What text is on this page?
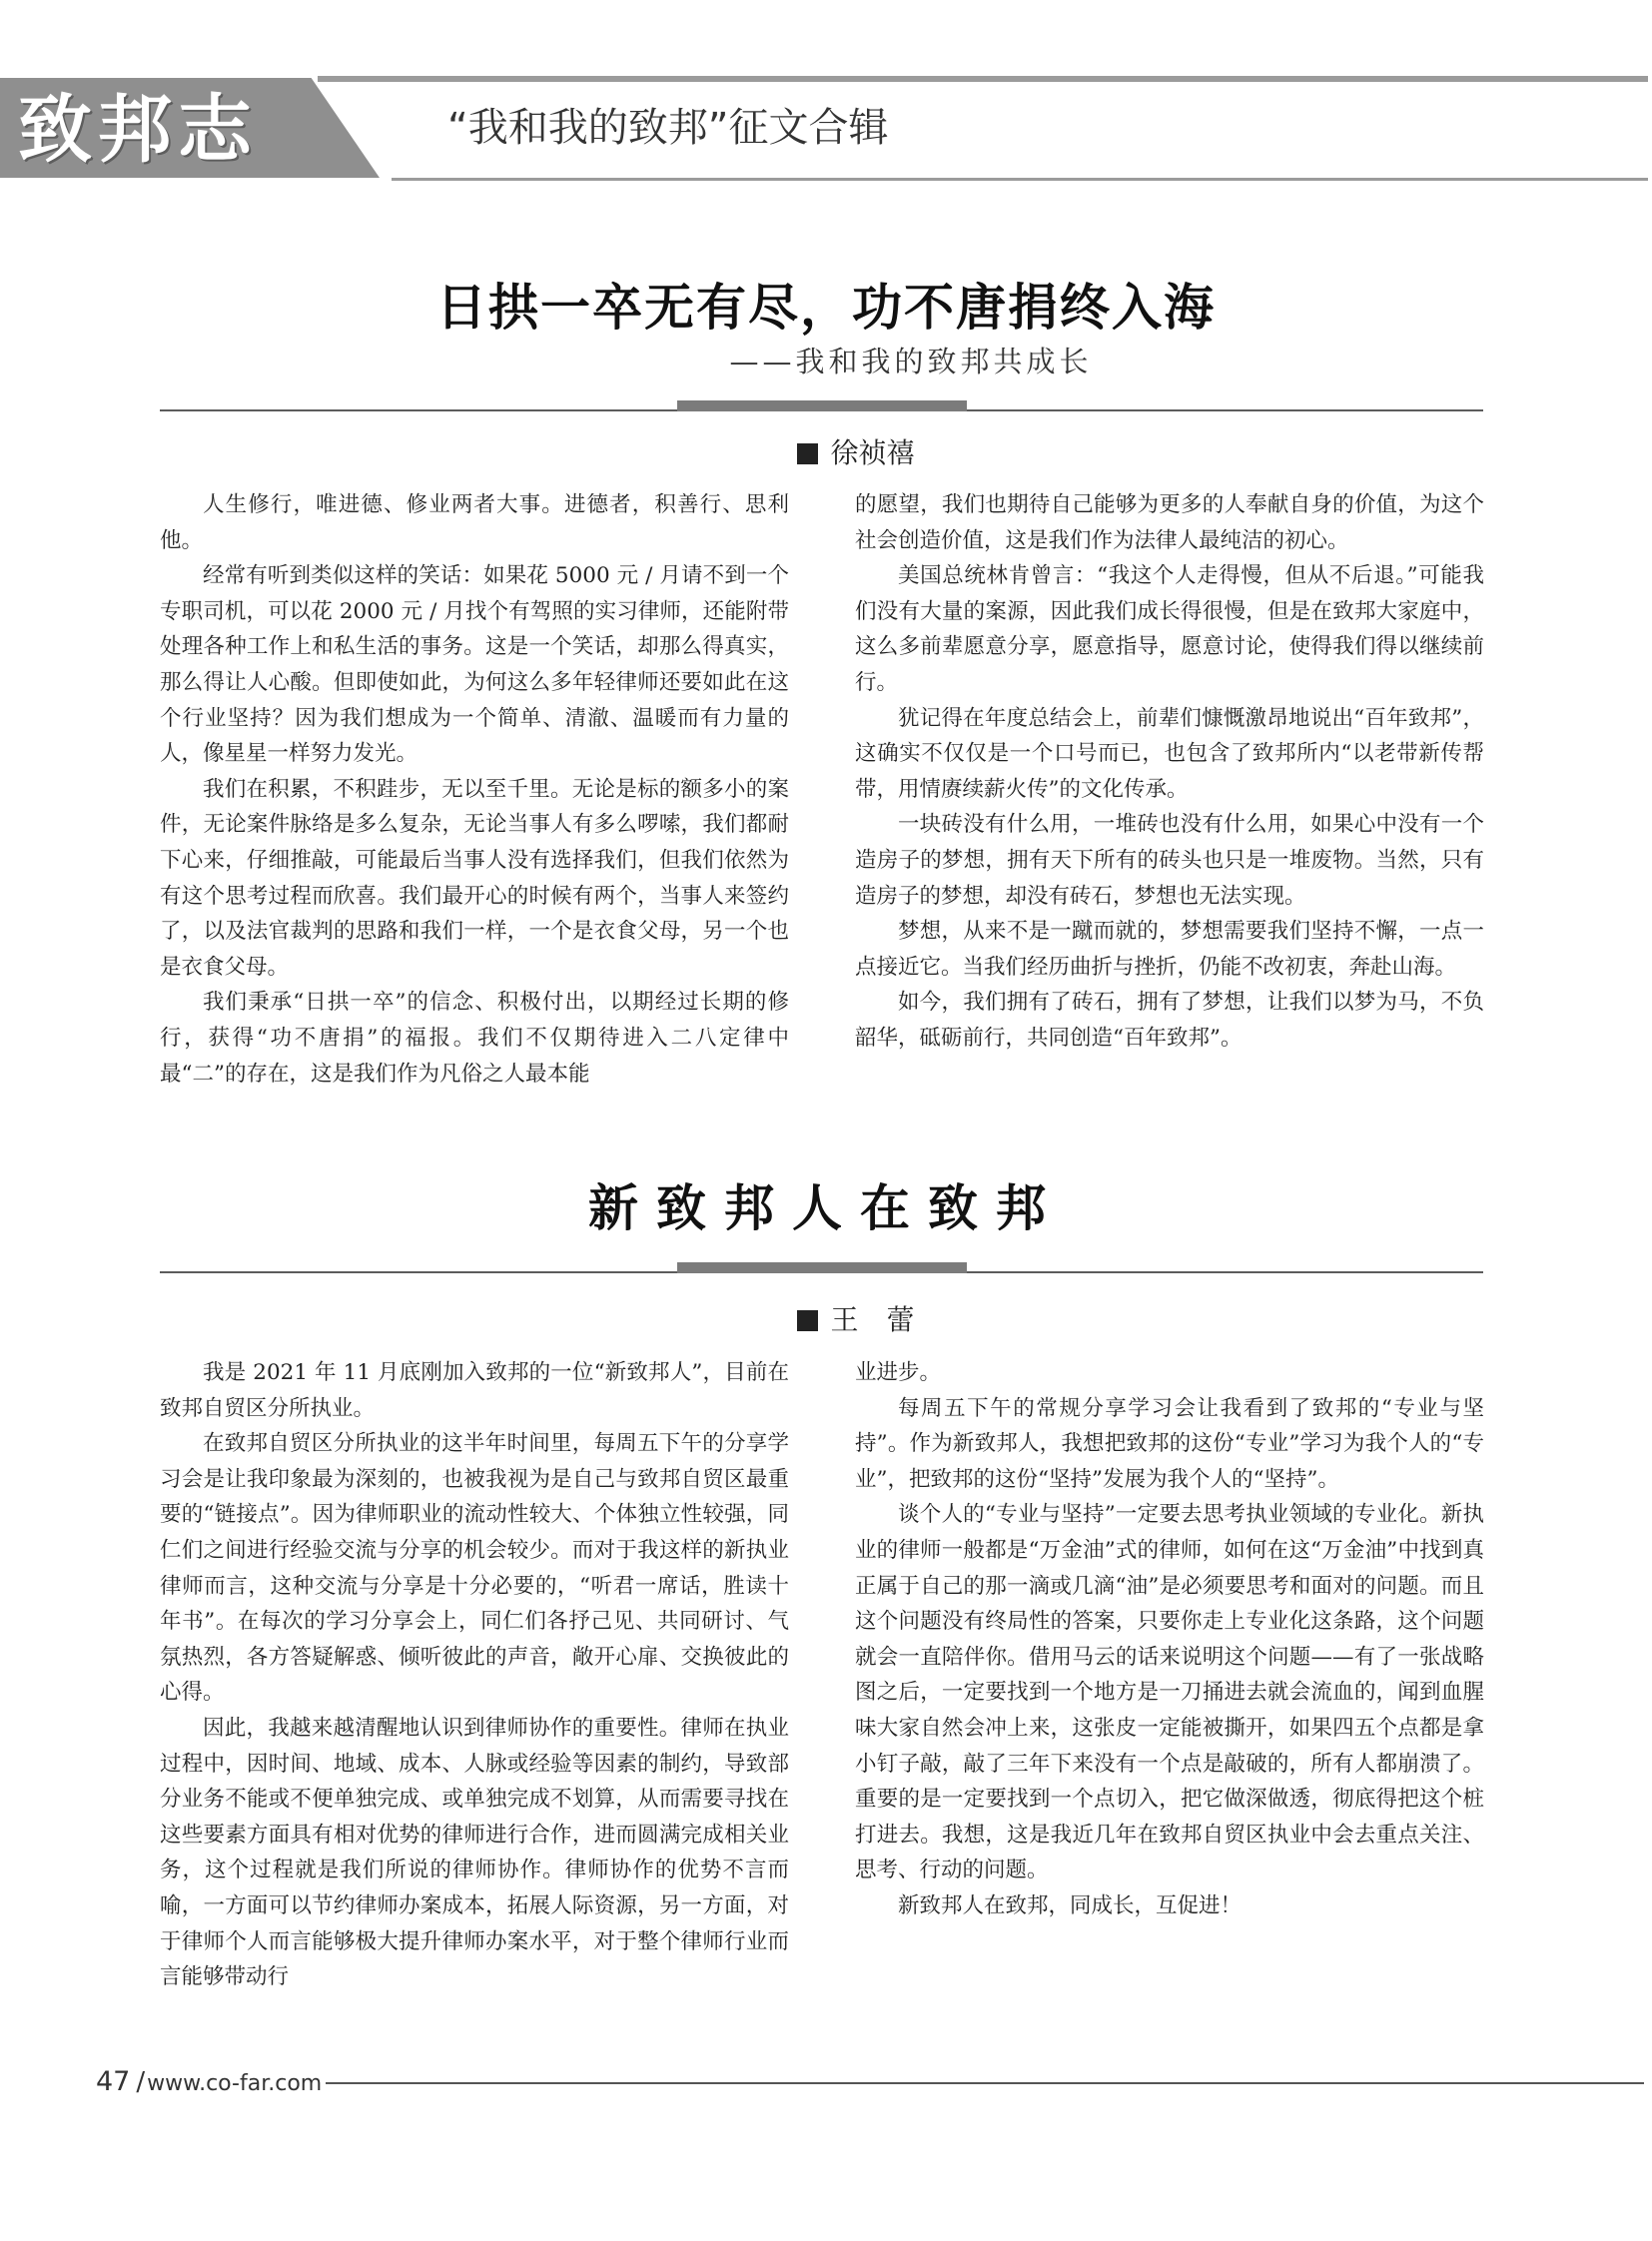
致邦志	“我和我的致邦”征文合辑
日拱一卒无有尽，功不唐捐终入海
——我和我的致邦共成长
徐祯禧

人生修行，唯进德、修业两者大事。进德者，积善行、思利他。

经常有听到类似这样的笑话：如果花 5000 元 / 月请不到一个专职司机，可以花 2000 元 / 月找个有驾照的实习律师，还能附带处理各种工作上和私生活的事务。这是一个笑话，却那么得真实，那么得让人心酸。但即使如此，为何这么多年轻律师还要如此在这个行业坚持？因为我们想成为一个简单、清澈、温暖而有力量的人，像星星一样努力发光。

我们在积累，不积跬步，无以至千里。无论是标的额多小的案件，无论案件脉络是多么复杂，无论当事人有多么啰嗦，我们都耐下心来，仔细推敲，可能最后当事人没有选择我们，但我们依然为有这个思考过程而欣喜。我们最开心的时候有两个，当事人来签约了，以及法官裁判的思路和我们一样，一个是衣食父母，另一个也是衣食父母。

我们秉承“日拱一卒”的信念、积极付出，以期经过长期的修行，获得“功不唐捐”的福报。我们不仅期待进入二八定律中最“二”的存在，这是我们作为凡俗之人最本能

的愿望，我们也期待自己能够为更多的人奉献自身的价值，为这个社会创造价值，这是我们作为法律人最纯洁的初心。

美国总统林肯曾言：“我这个人走得慢，但从不后退。”可能我们没有大量的案源，因此我们成长得很慢，但是在致邦大家庭中，这么多前辈愿意分享，愿意指导，愿意讨论，使得我们得以继续前行。

犹记得在年度总结会上，前辈们慷慨激昂地说出“百年致邦”，这确实不仅仅是一个口号而已，也包含了致邦所内“以老带新传帮带，用情赓续薪火传”的文化传承。

一块砖没有什么用，一堆砖也没有什么用，如果心中没有一个造房子的梦想，拥有天下所有的砖头也只是一堆废物。当然，只有造房子的梦想，却没有砖石，梦想也无法实现。

梦想，从来不是一蹴而就的，梦想需要我们坚持不懈，一点一点接近它。当我们经历曲折与挫折，仍能不改初衷，奔赴山海。

如今，我们拥有了砖石，拥有了梦想，让我们以梦为马，不负韶华，砥砺前行，共同创造“百年致邦”。

新致邦人在致邦
王　蕾

我是 2021 年 11 月底刚加入致邦的一位“新致邦人”，目前在致邦自贸区分所执业。

在致邦自贸区分所执业的这半年时间里，每周五下午的分享学习会是让我印象最为深刻的，也被我视为是自己与致邦自贸区最重要的“链接点”。因为律师职业的流动性较大、个体独立性较强，同仁们之间进行经验交流与分享的机会较少。而对于我这样的新执业律师而言，这种交流与分享是十分必要的，“听君一席话，胜读十年书”。在每次的学习分享会上，同仁们各抒己见、共同研讨、气氛热烈，各方答疑解惑、倾听彼此的声音，敞开心扉、交换彼此的心得。

因此，我越来越清醒地认识到律师协作的重要性。律师在执业过程中，因时间、地域、成本、人脉或经验等因素的制约，导致部分业务不能或不便单独完成、或单独完成不划算，从而需要寻找在这些要素方面具有相对优势的律师进行合作，进而圆满完成相关业务，这个过程就是我们所说的律师协作。律师协作的优势不言而喻，一方面可以节约律师办案成本，拓展人际资源，另一方面，对于律师个人而言能够极大提升律师办案水平，对于整个律师行业而言能够带动行

业进步。

每周五下午的常规分享学习会让我看到了致邦的“专业与坚持”。作为新致邦人，我想把致邦的这份“专业”学习为我个人的“专业”，把致邦的这份“坚持”发展为我个人的“坚持”。

谈个人的“专业与坚持”一定要去思考执业领域的专业化。新执业的律师一般都是“万金油”式的律师，如何在这“万金油”中找到真正属于自己的那一滴或几滴“油”是必须要思考和面对的问题。而且这个问题没有终局性的答案，只要你走上专业化这条路，这个问题就会一直陪伴你。借用马云的话来说明这个问题——有了一张战略图之后，一定要找到一个地方是一刀捅进去就会流血的，闻到血腥味大家自然会冲上来，这张皮一定能被撕开，如果四五个点都是拿小钉子敲，敲了三年下来没有一个点是敲破的，所有人都崩溃了。重要的是一定要找到一个点切入，把它做深做透，彻底得把这个桩打进去。我想，这是我近几年在致邦自贸区执业中会去重点关注、思考、行动的问题。

新致邦人在致邦，同成长，互促进！

47 /www.co-far.com
